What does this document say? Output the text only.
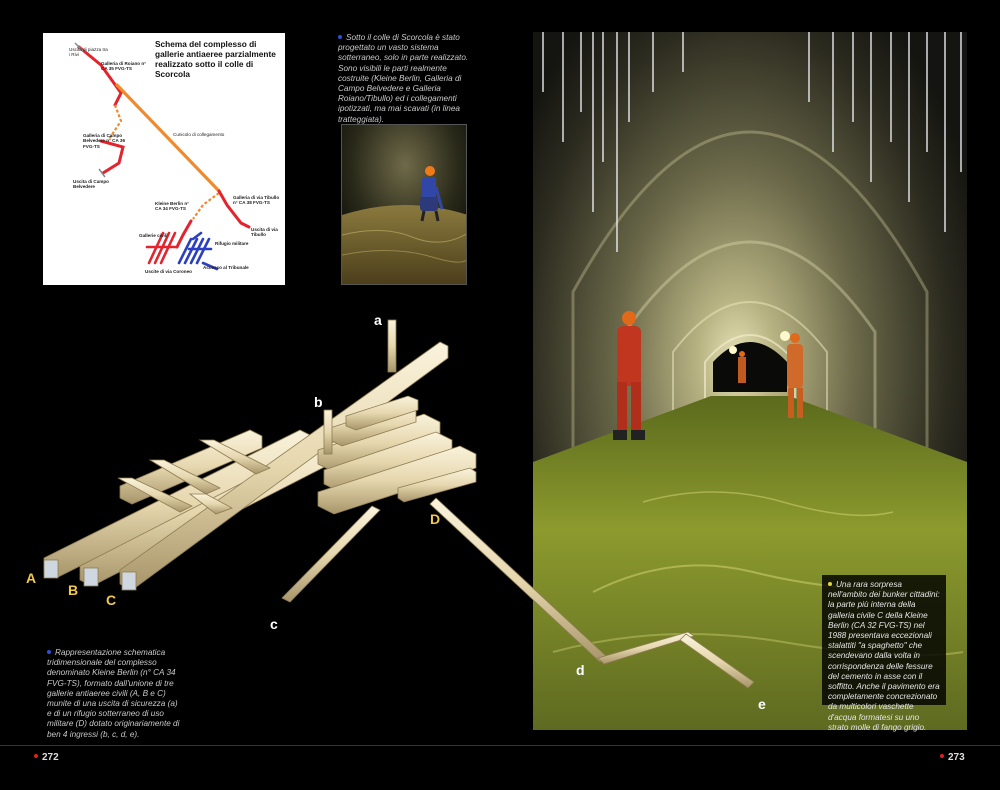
Schema del complesso di gallerie antiaeree parzialmente realizzato sotto il colle di Scorcola
Uscita di piazza tra i Rivi
Galleria di Roiano n° CA 35 FVG-TS
Galleria di Campo Belvedere n° CA 36 FVG-TS
Uscita di Campo Belvedere
Cunicolo di collegamento
Galleria di via Tibullo n° CA 38 FVG-TS
Kleine Berlin n° CA 34 FVG-TS
Uscita di via Tibullo
Gallerie civili
Rifugio militare
Uscite di via Coroneo
Accesso al Tribunale
Sotto il colle di Scorcola è stato progettato un vasto sistema sotterraneo, solo in parte realizzato. Sono visibili le parti realmente costruite (Kleine Berlin, Galleria di Campo Belvedere e Galleria Roiano/Tibullo) ed i collegamenti ipotizzati, ma mai scavati (in linea tratteggiata).
A
B
C
D
a
b
c
d
e
Rappresentazione schematica tridimensionale del complesso denominato Kleine Berlin (n° CA 34 FVG-TS), formato dall'unione di tre gallerie antiaeree civili (A, B e C) munite di una uscita di sicurezza (a) e di un rifugio sotterraneo di uso militare (D) dotato originariamente di ben 4 ingressi (b, c, d, e).
Una rara sorpresa nell'ambito dei bunker cittadini: la parte più interna della galleria civile C della Kleine Berlin (CA 32 FVG-TS) nel 1988 presentava eccezionali stalattiti "a spaghetto" che scendevano dalla volta in corrispondenza delle fessure del cemento in asse con il soffitto. Anche il pavimento era completamente concrezionato da multicolori vaschette d'acqua formatesi su uno strato molle di fango grigio.
272	273
